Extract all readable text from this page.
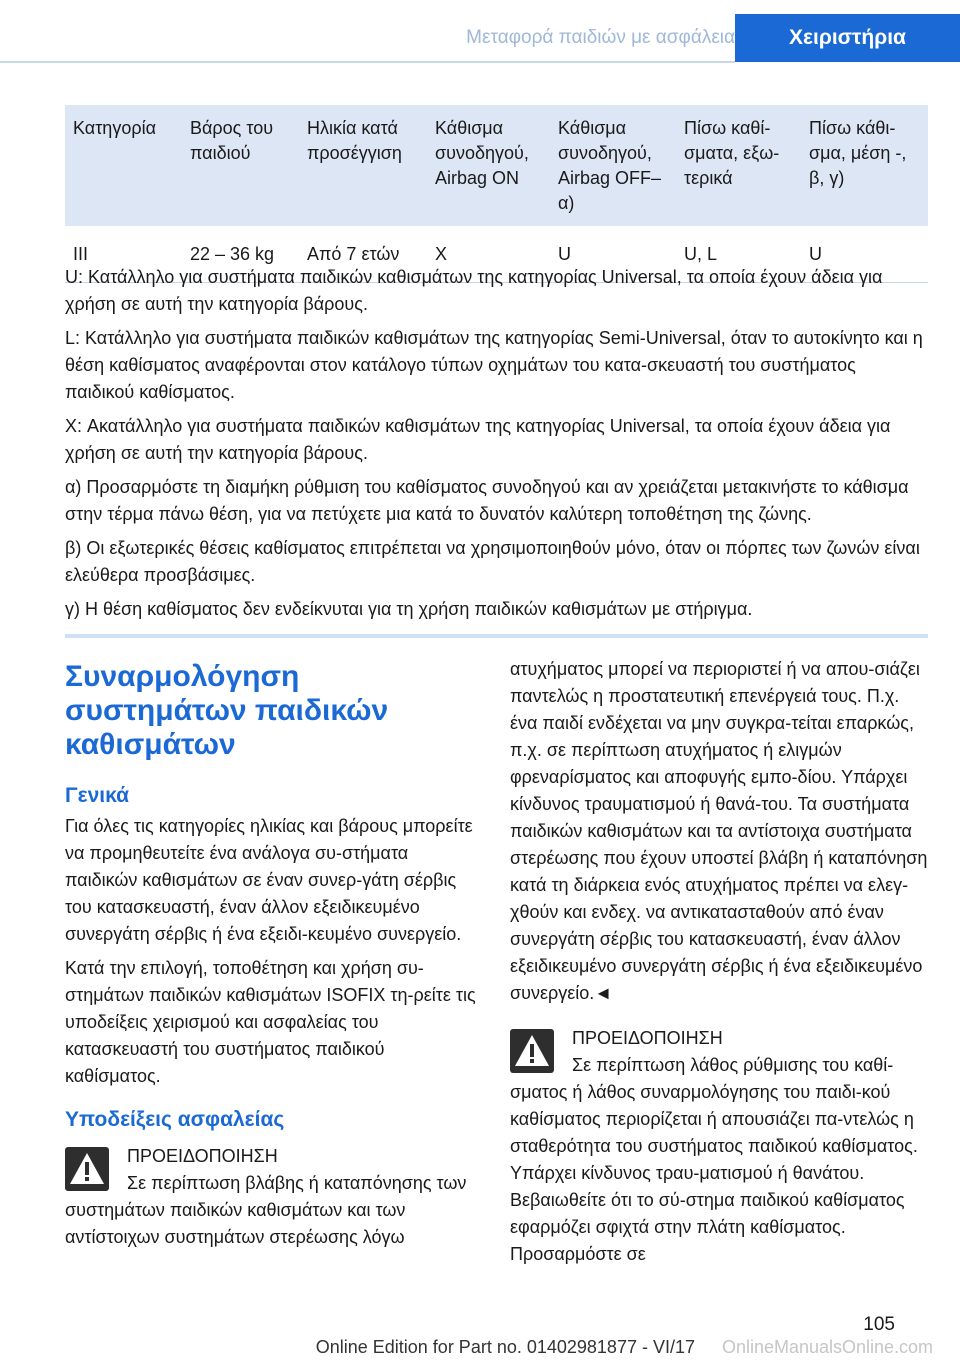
Μεταφορά παιδιών με ασφάλεια	Χειριστήρια
Κατηγορία	Βάρος του παιδιού	Ηλικία κατά προσέγγιση	Κάθισμα συνοδηγού, Airbag ON	Κάθισμα συνοδηγού, Airbag OFF– α)	Πίσω καθί-σματα, εξω-τερικά	Πίσω κάθι-σμα, μέση -, β, γ)
III	22 – 36 kg	Από 7 ετών	X	U	U, L	U

U: Κατάλληλο για συστήματα παιδικών καθισμάτων της κατηγορίας Universal, τα οποία έχουν άδεια για χρήση σε αυτή την κατηγορία βάρους.

L: Κατάλληλο για συστήματα παιδικών καθισμάτων της κατηγορίας Semi-Universal, όταν το αυτοκίνητο και η θέση καθίσματος αναφέρονται στον κατάλογο τύπων οχημάτων του κατα-σκευαστή του συστήματος παιδικού καθίσματος.

X: Ακατάλληλο για συστήματα παιδικών καθισμάτων της κατηγορίας Universal, τα οποία έχουν άδεια για χρήση σε αυτή την κατηγορία βάρους.

α) Προσαρμόστε τη διαμήκη ρύθμιση του καθίσματος συνοδηγού και αν χρειάζεται μετακινήστε το κάθισμα στην τέρμα πάνω θέση, για να πετύχετε μια κατά το δυνατόν καλύτερη τοποθέτηση της ζώνης.

β) Οι εξωτερικές θέσεις καθίσματος επιτρέπεται να χρησιμοποιηθούν μόνο, όταν οι πόρπες των ζωνών είναι ελεύθερα προσβάσιμες.

γ) Η θέση καθίσματος δεν ενδείκνυται για τη χρήση παιδικών καθισμάτων με στήριγμα.

Συναρμολόγηση συστημάτων παιδικών καθισμάτων
Γενικά

Για όλες τις κατηγορίες ηλικίας και βάρους μπορείτε να προμηθευτείτε ένα ανάλογα συ-στήματα παιδικών καθισμάτων σε έναν συνερ-γάτη σέρβις του κατασκευαστή, έναν άλλον εξειδικευμένο συνεργάτη σέρβις ή ένα εξειδι-κευμένο συνεργείο.

Κατά την επιλογή, τοποθέτηση και χρήση συ-στημάτων παιδικών καθισμάτων ISOFIX τη-ρείτε τις υποδείξεις χειρισμού και ασφαλείας του κατασκευαστή του συστήματος παιδικού καθίσματος.

Υποδείξεις ασφαλείας

ΠΡΟΕΙΔΟΠΟΙΗΣΗ

Σε περίπτωση βλάβης ή καταπόνησης των συστημάτων παιδικών καθισμάτων και των αντίστοιχων συστημάτων στερέωσης λόγω

ατυχήματος μπορεί να περιοριστεί ή να απου-σιάζει παντελώς η προστατευτική επενέργειά τους. Π.χ. ένα παιδί ενδέχεται να μην συγκρα-τείται επαρκώς, π.χ. σε περίπτωση ατυχήματος ή ελιγμών φρεναρίσματος και αποφυγής εμπο-δίου. Υπάρχει κίνδυνος τραυματισμού ή θανά-του. Τα συστήματα παιδικών καθισμάτων και τα αντίστοιχα συστήματα στερέωσης που έχουν υποστεί βλάβη ή καταπόνηση κατά τη διάρκεια ενός ατυχήματος πρέπει να ελεγ-χθούν και ενδεχ. να αντικατασταθούν από έναν συνεργάτη σέρβις του κατασκευαστή, έναν άλλον εξειδικευμένο συνεργάτη σέρβις ή ένα εξειδικευμένο συνεργείο.◄

ΠΡΟΕΙΔΟΠΟΙΗΣΗ

Σε περίπτωση λάθος ρύθμισης του καθί-σματος ή λάθος συναρμολόγησης του παιδι-κού καθίσματος περιορίζεται ή απουσιάζει πα-ντελώς η σταθερότητα του συστήματος παιδικού καθίσματος. Υπάρχει κίνδυνος τραυ-ματισμού ή θανάτου. Βεβαιωθείτε ότι το σύ-στημα παιδικού καθίσματος εφαρμόζει σφιχτά στην πλάτη καθίσματος. Προσαρμόστε σε

105
Online Edition for Part no. 01402981877 - VI/17	OnlineManualsOnline.com
